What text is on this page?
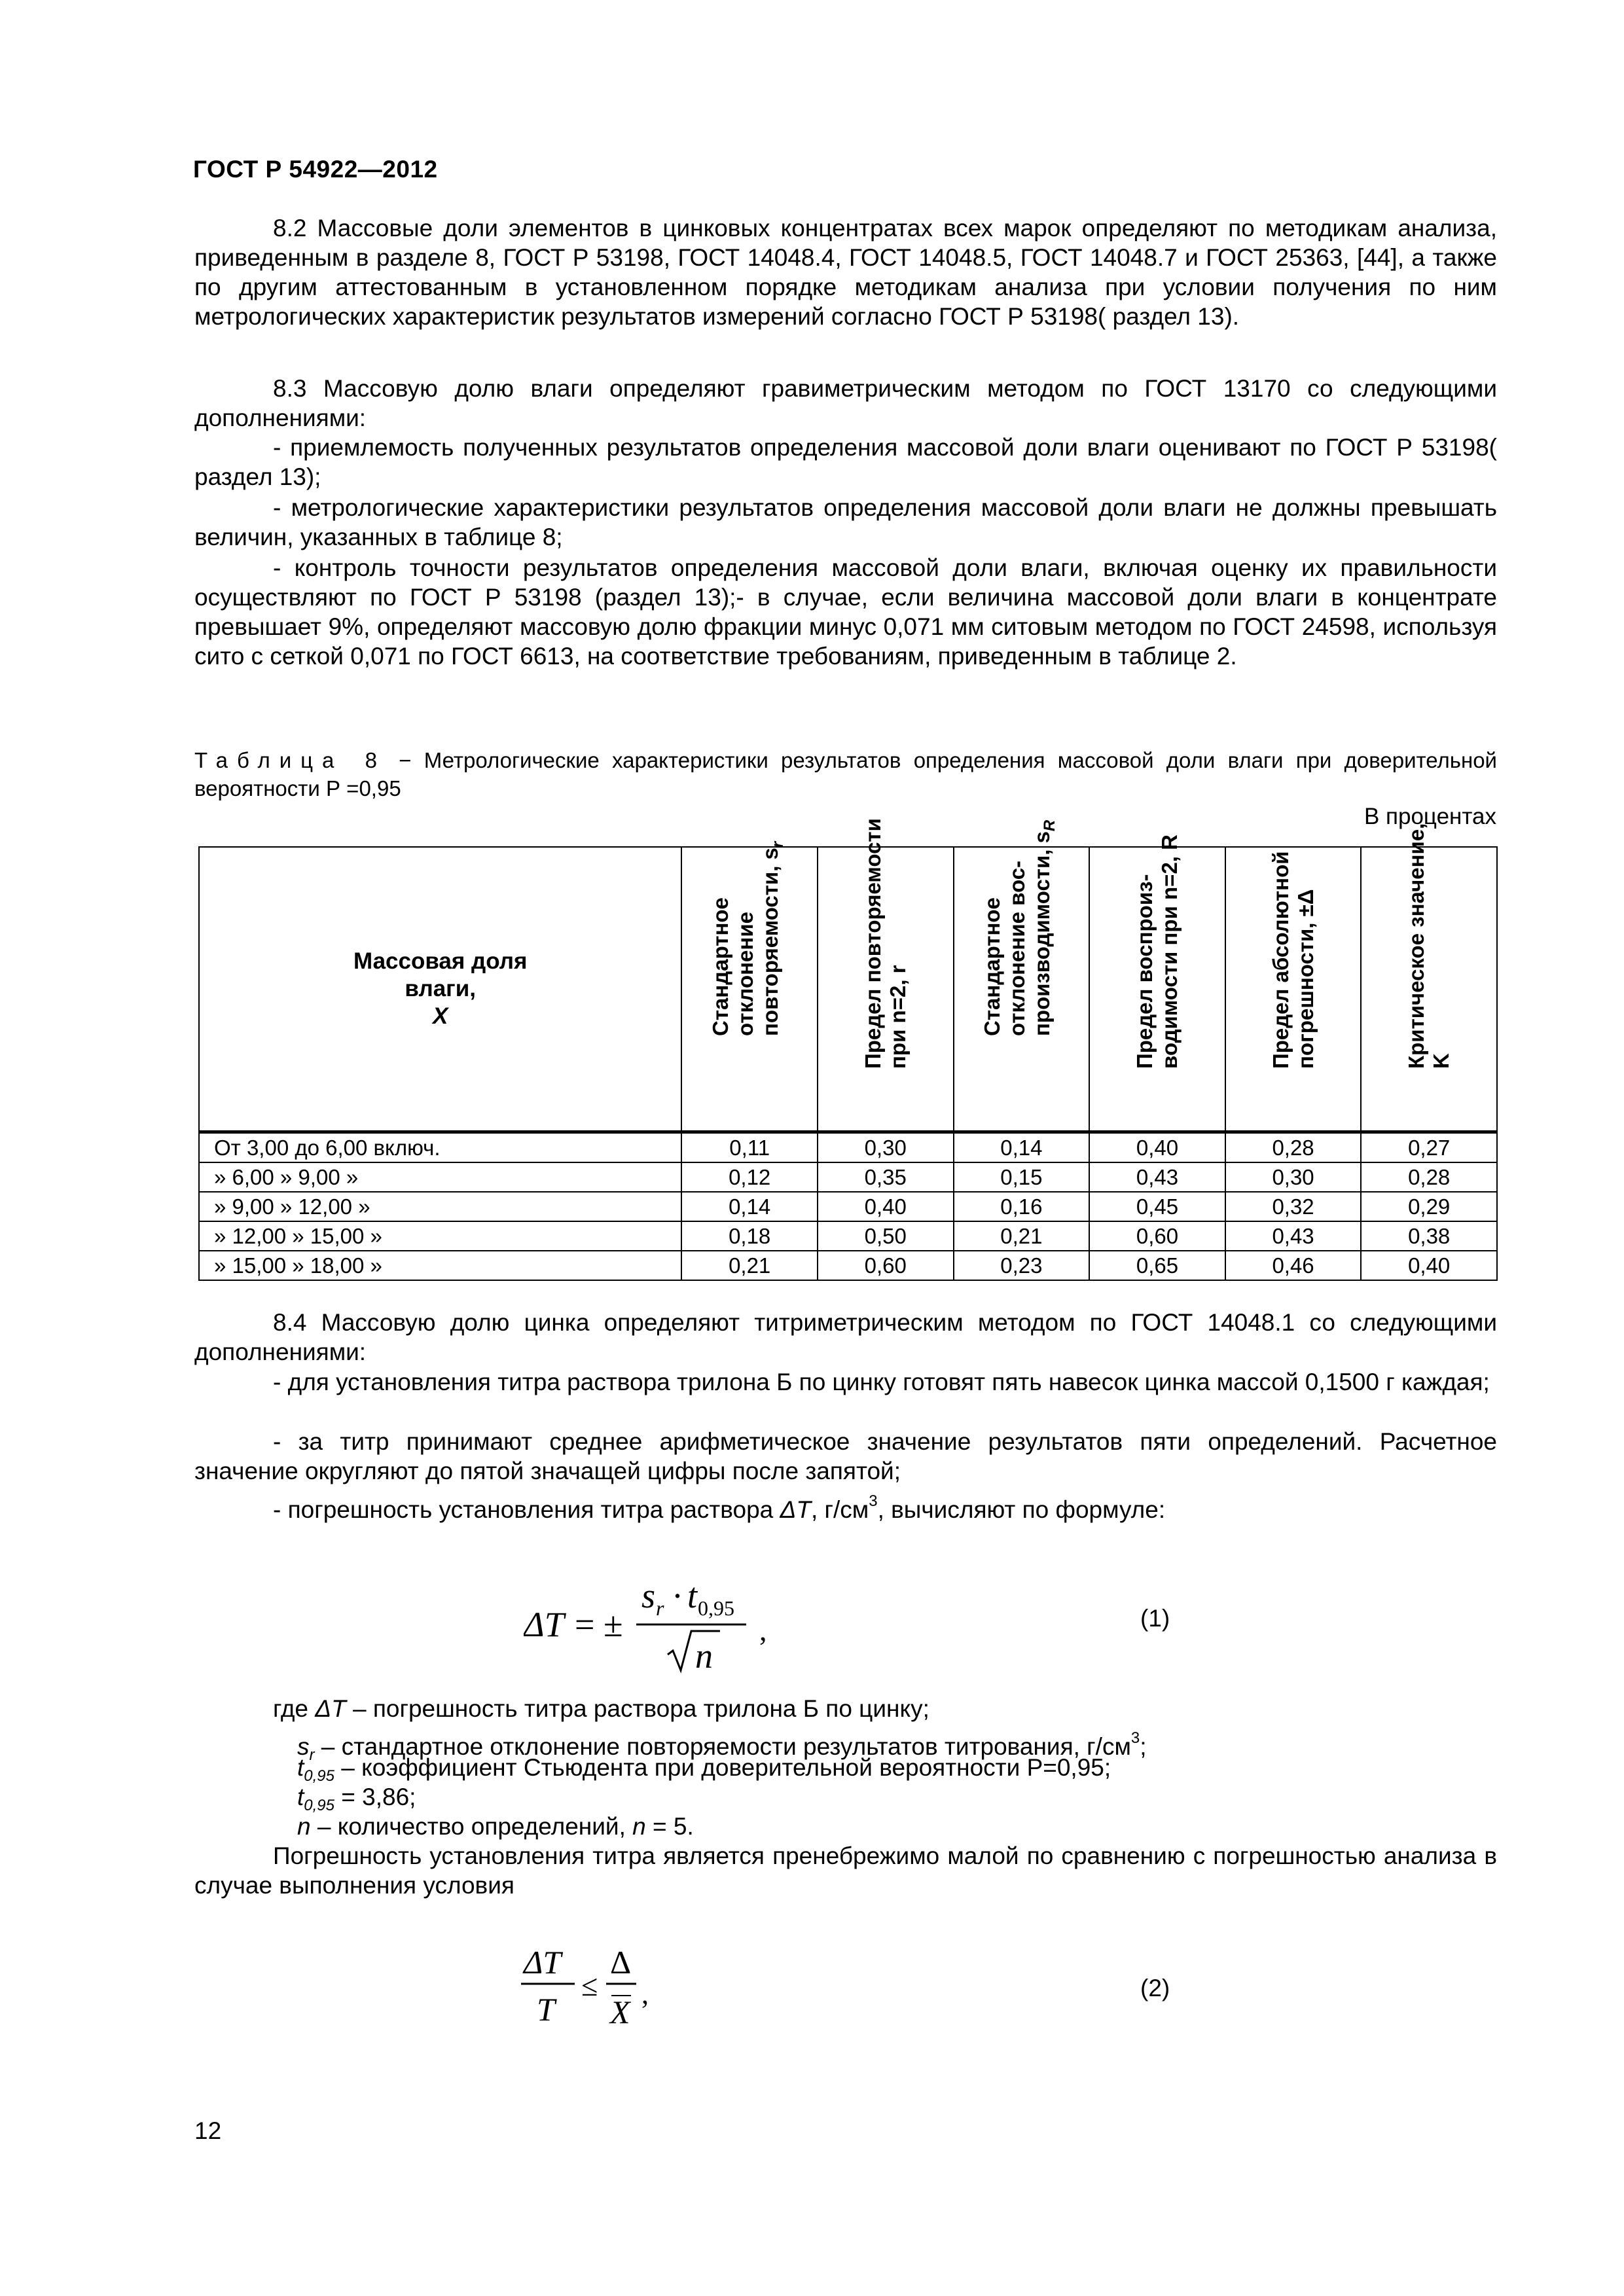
ГОСТ Р 54922—2012
8.2 Массовые доли элементов в цинковых концентратах всех марок определяют по методикам анализа, приведенным в разделе 8, ГОСТ Р 53198, ГОСТ 14048.4, ГОСТ 14048.5, ГОСТ 14048.7 и ГОСТ 25363, [44], а также по другим аттестованным в установленном порядке методикам анализа при условии получения по ним метрологических характеристик результатов измерений согласно ГОСТ Р 53198( раздел 13).
8.3 Массовую долю влаги определяют гравиметрическим методом по ГОСТ 13170 со следующими дополнениями:
- приемлемость полученных результатов определения массовой доли влаги оценивают по ГОСТ Р 53198( раздел 13);
- метрологические характеристики результатов определения массовой доли влаги не должны превышать величин, указанных в таблице 8;
- контроль точности результатов определения массовой доли влаги, включая оценку их правильности осуществляют по ГОСТ Р 53198 (раздел 13);- в случае, если величина массовой доли влаги в концентрате превышает 9%, определяют массовую долю фракции минус 0,071 мм ситовым методом по ГОСТ 24598, используя сито с сеткой 0,071 по ГОСТ 6613, на соответствие требованиям, приведенным в таблице 2.
Таблица 8 − Метрологические характеристики результатов определения массовой доли влаги при доверительной вероятности Р =0,95
В процентах
Массовая доля
влаги,
Х	Стандартное отклонение повторяемости, $s_r$	Предел повторяемости при n=2, r	Стандартное отклонение вос-производимости, $s_R$	Предел воспроиз-водимости при n=2, R	Предел абсолютной погрешности, ±Δ	Критическое значение, K

От 3,00 до 6,00 включ.	0,11	0,30	0,14	0,40	0,28	0,27
» 6,00 » 9,00 »	0,12	0,35	0,15	0,43	0,30	0,28
» 9,00 » 12,00 »	0,14	0,40	0,16	0,45	0,32	0,29
» 12,00 » 15,00 »	0,18	0,50	0,21	0,60	0,43	0,38
» 15,00 » 18,00 »	0,21	0,60	0,23	0,65	0,46	0,40
8.4 Массовую долю цинка определяют титриметрическим методом по ГОСТ 14048.1 со следующими дополнениями:
- для установления титра раствора трилона Б по цинку готовят пять навесок цинка массой 0,1500 г каждая;
- за титр принимают среднее арифметическое значение результатов пяти определений. Расчетное значение округляют до пятой значащей цифры после запятой;
- погрешность установления титра раствора ΔT, $г/см^3$, вычисляют по формуле:
ΔT = ±
s r · t 0,95
n
,	(1)
где ΔT – погрешность титра раствора трилона Б по цинку;
$s_r$ – стандартное отклонение повторяемости результатов титрования, $г/см^3$;
$t_{0,95}$ – коэффициент Стьюдента при доверительной вероятности Р=0,95;
$t_{0,95} = 3,86$;
n – количество определений, n = 5.
Погрешность установления титра является пренебрежимо малой по сравнению с погрешностью анализа в случае выполнения условия
ΔT
T
≤
Δ
X ,	(2)
12
